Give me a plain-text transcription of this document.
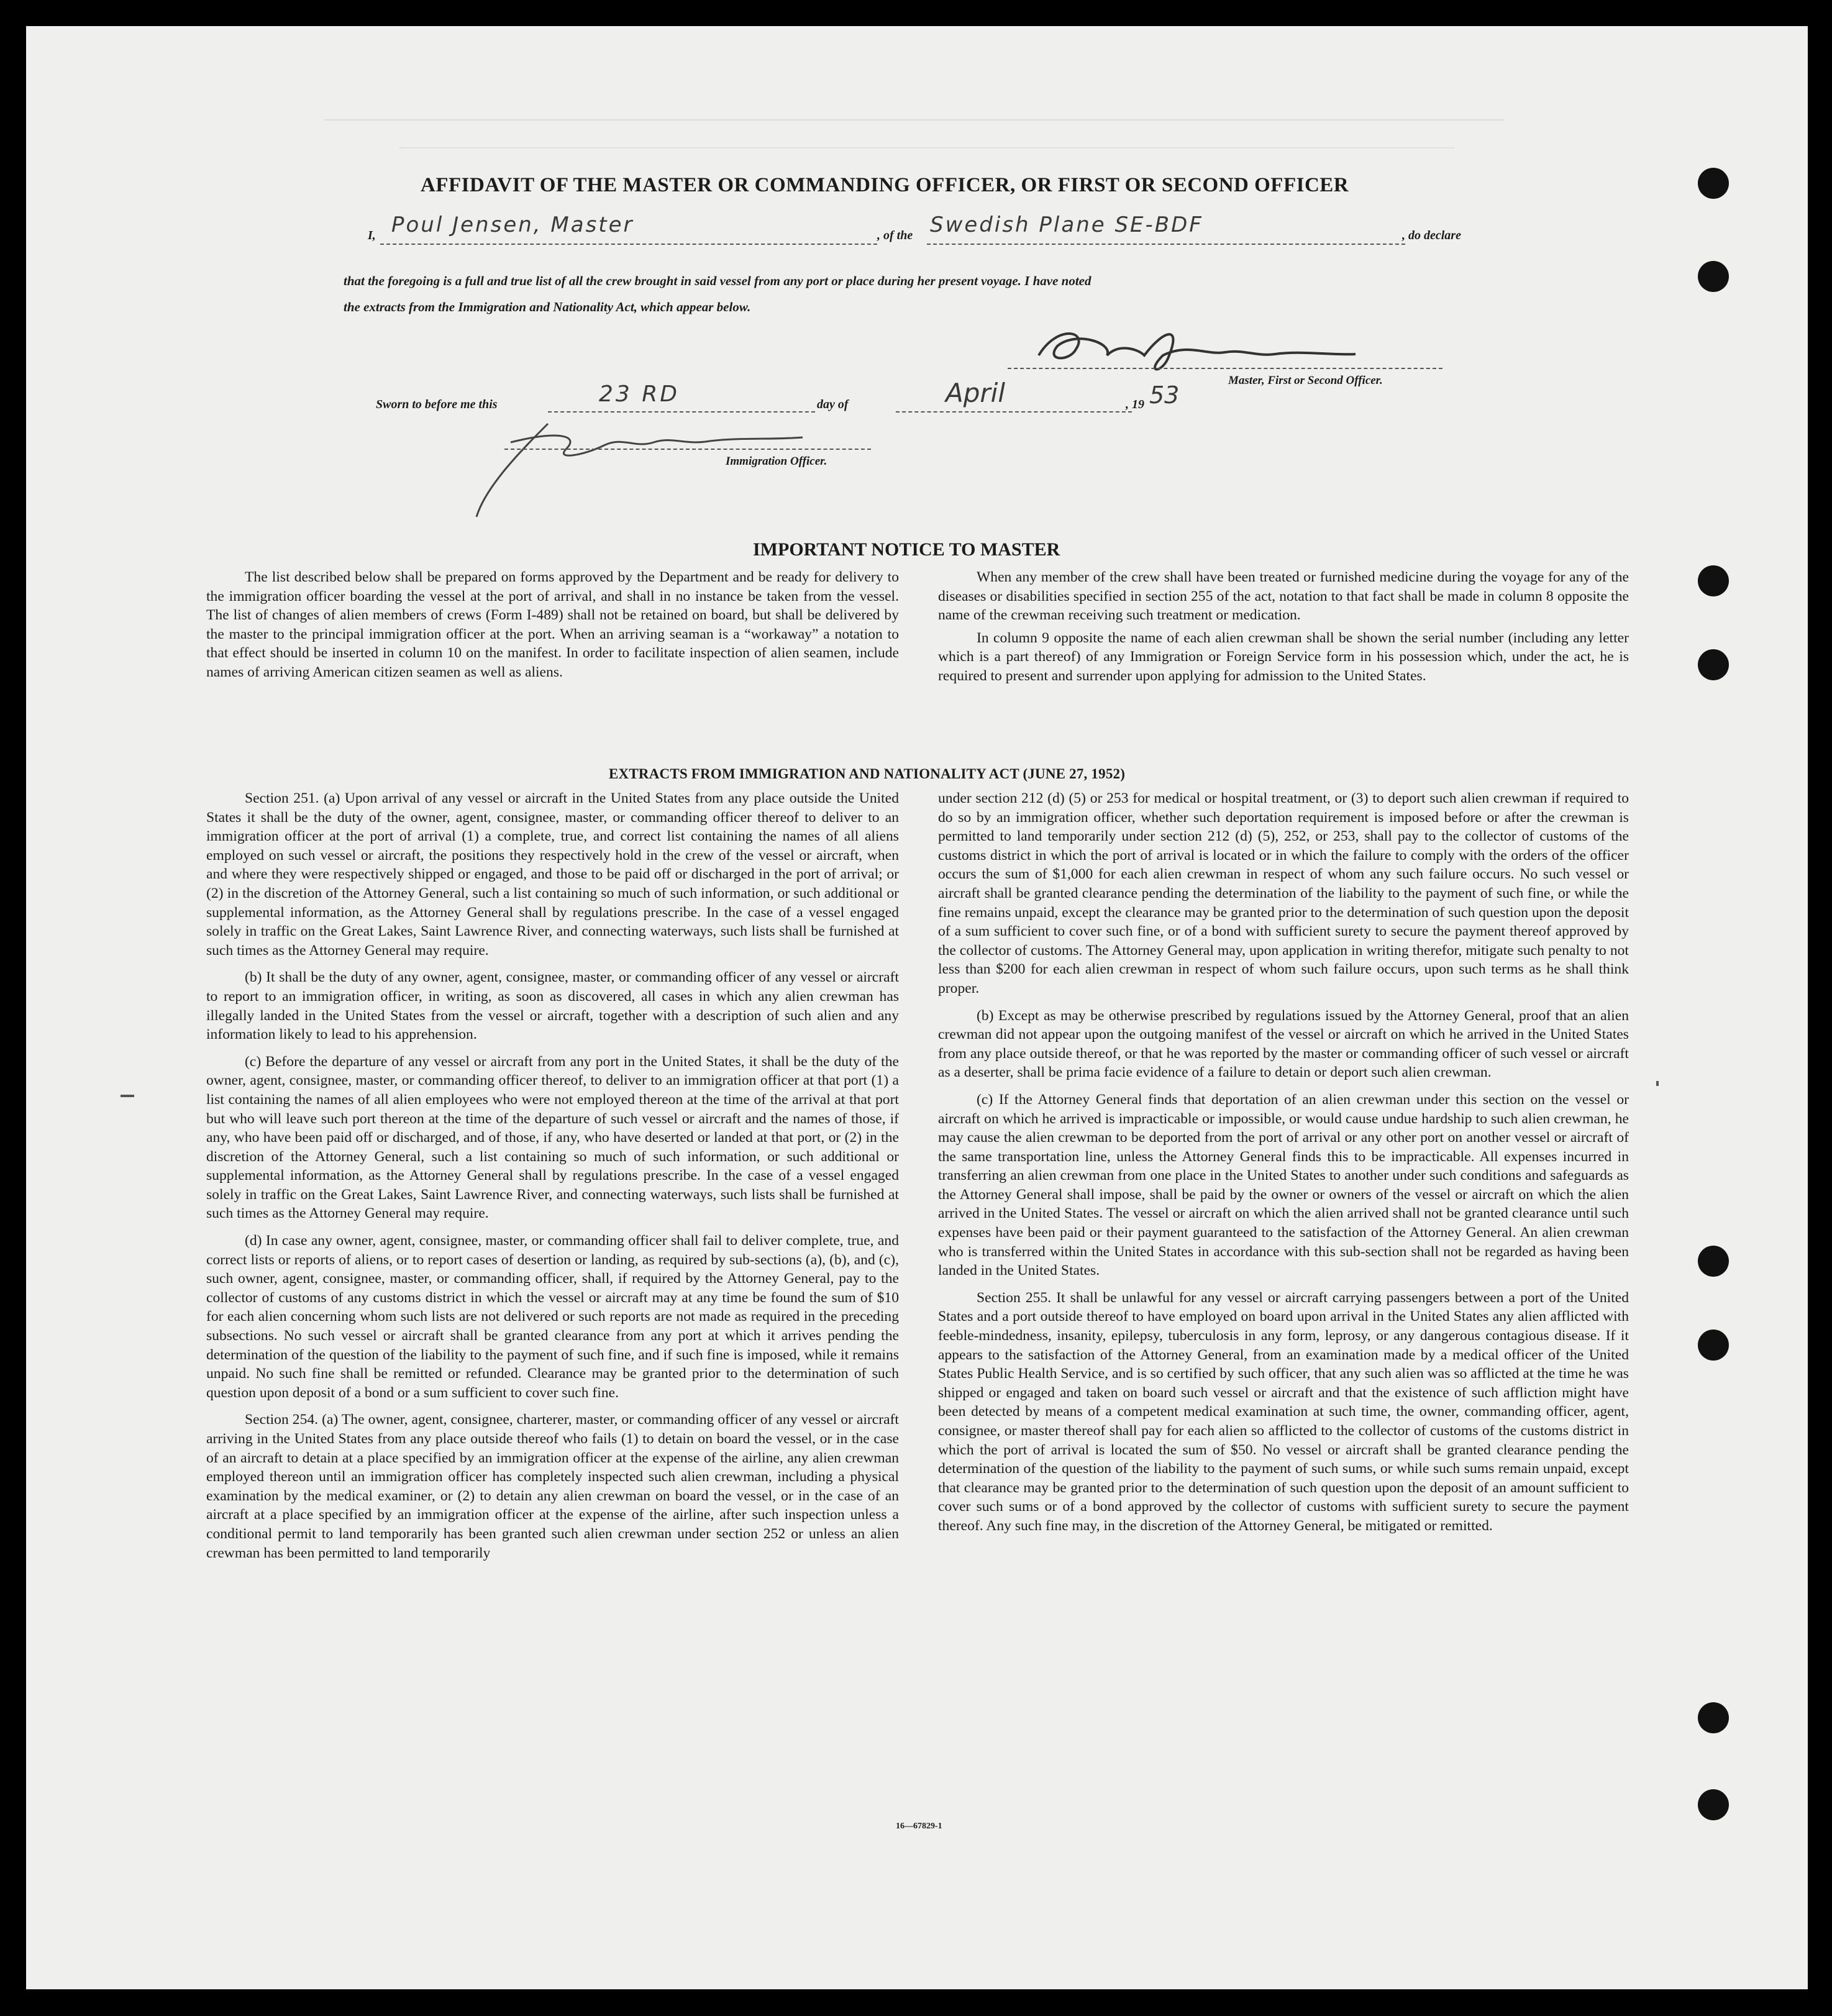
AFFIDAVIT OF THE MASTER OR COMMANDING OFFICER, OR FIRST OR SECOND OFFICER
I, Poul Jensen, Master	, of the Swedish Plane SE-BDF	, do declare
that the foregoing is a full and true list of all the crew brought in said vessel from any port or place during her present voyage. I have noted
the extracts from the Immigration and Nationality Act, which appear below.
Master, First or Second Officer.
Sworn to before me this	23 RD	day of	April	, 19 53
Immigration Officer.
IMPORTANT NOTICE TO MASTER

The list described below shall be prepared on forms approved by the Department and be ready for delivery to the immigration officer boarding the vessel at the port of arrival, and shall in no instance be taken from the vessel. The list of changes of alien members of crews (Form I-489) shall not be retained on board, but shall be delivered by the master to the principal immigration officer at the port. When an arriving seaman is a “workaway” a notation to that effect should be inserted in column 10 on the manifest. In order to facilitate inspection of alien seamen, include names of arriving American citizen seamen as well as aliens.

When any member of the crew shall have been treated or furnished medicine during the voyage for any of the diseases or disabilities specified in section 255 of the act, notation to that fact shall be made in column 8 opposite the name of the crewman receiving such treatment or medication.

In column 9 opposite the name of each alien crewman shall be shown the serial number (including any letter which is a part thereof) of any Immigration or Foreign Service form in his possession which, under the act, he is required to present and surrender upon applying for admission to the United States.

EXTRACTS FROM IMMIGRATION AND NATIONALITY ACT (JUNE 27, 1952)

Section 251. (a) Upon arrival of any vessel or aircraft in the United States from any place outside the United States it shall be the duty of the owner, agent, consignee, master, or commanding officer thereof to deliver to an immigration officer at the port of arrival (1) a complete, true, and correct list containing the names of all aliens employed on such vessel or aircraft, the positions they respectively hold in the crew of the vessel or aircraft, when and where they were respectively shipped or engaged, and those to be paid off or discharged in the port of arrival; or (2) in the discretion of the Attorney General, such a list containing so much of such information, or such additional or supplemental information, as the Attorney General shall by regulations prescribe. In the case of a vessel engaged solely in traffic on the Great Lakes, Saint Lawrence River, and connecting waterways, such lists shall be furnished at such times as the Attorney General may require.

(b) It shall be the duty of any owner, agent, consignee, master, or commanding officer of any vessel or aircraft to report to an immigration officer, in writing, as soon as discovered, all cases in which any alien crewman has illegally landed in the United States from the vessel or aircraft, together with a description of such alien and any information likely to lead to his apprehension.

(c) Before the departure of any vessel or aircraft from any port in the United States, it shall be the duty of the owner, agent, consignee, master, or commanding officer thereof, to deliver to an immigration officer at that port (1) a list containing the names of all alien employees who were not employed thereon at the time of the arrival at that port but who will leave such port thereon at the time of the departure of such vessel or aircraft and the names of those, if any, who have been paid off or discharged, and of those, if any, who have deserted or landed at that port, or (2) in the discretion of the Attorney General, such a list containing so much of such information, or such additional or supplemental information, as the Attorney General shall by regulations prescribe. In the case of a vessel engaged solely in traffic on the Great Lakes, Saint Lawrence River, and connecting waterways, such lists shall be furnished at such times as the Attorney General may require.

(d) In case any owner, agent, consignee, master, or commanding officer shall fail to deliver complete, true, and correct lists or reports of aliens, or to report cases of desertion or landing, as required by sub-sections (a), (b), and (c), such owner, agent, consignee, master, or commanding officer, shall, if required by the Attorney General, pay to the collector of customs of any customs district in which the vessel or aircraft may at any time be found the sum of $10 for each alien concerning whom such lists are not delivered or such reports are not made as required in the preceding subsections. No such vessel or aircraft shall be granted clearance from any port at which it arrives pending the determination of the question of the liability to the payment of such fine, and if such fine is imposed, while it remains unpaid. No such fine shall be remitted or refunded. Clearance may be granted prior to the determination of such question upon deposit of a bond or a sum sufficient to cover such fine.

Section 254. (a) The owner, agent, consignee, charterer, master, or commanding officer of any vessel or aircraft arriving in the United States from any place outside thereof who fails (1) to detain on board the vessel, or in the case of an aircraft to detain at a place specified by an immigration officer at the expense of the airline, any alien crewman employed thereon until an immigration officer has completely inspected such alien crewman, including a physical examination by the medical examiner, or (2) to detain any alien crewman on board the vessel, or in the case of an aircraft at a place specified by an immigration officer at the expense of the airline, after such inspection unless a conditional permit to land temporarily has been granted such alien crewman under section 252 or unless an alien crewman has been permitted to land temporarily

under section 212 (d) (5) or 253 for medical or hospital treatment, or (3) to deport such alien crewman if required to do so by an immigration officer, whether such deportation requirement is imposed before or after the crewman is permitted to land temporarily under section 212 (d) (5), 252, or 253, shall pay to the collector of customs of the customs district in which the port of arrival is located or in which the failure to comply with the orders of the officer occurs the sum of $1,000 for each alien crewman in respect of whom any such failure occurs. No such vessel or aircraft shall be granted clearance pending the determination of the liability to the payment of such fine, or while the fine remains unpaid, except the clearance may be granted prior to the determination of such question upon the deposit of a sum sufficient to cover such fine, or of a bond with sufficient surety to secure the payment thereof approved by the collector of customs. The Attorney General may, upon application in writing therefor, mitigate such penalty to not less than $200 for each alien crewman in respect of whom such failure occurs, upon such terms as he shall think proper.

(b) Except as may be otherwise prescribed by regulations issued by the Attorney General, proof that an alien crewman did not appear upon the outgoing manifest of the vessel or aircraft on which he arrived in the United States from any place outside thereof, or that he was reported by the master or commanding officer of such vessel or aircraft as a deserter, shall be prima facie evidence of a failure to detain or deport such alien crewman.

(c) If the Attorney General finds that deportation of an alien crewman under this section on the vessel or aircraft on which he arrived is impracticable or impossible, or would cause undue hardship to such alien crewman, he may cause the alien crewman to be deported from the port of arrival or any other port on another vessel or aircraft of the same transportation line, unless the Attorney General finds this to be impracticable. All expenses incurred in transferring an alien crewman from one place in the United States to another under such conditions and safeguards as the Attorney General shall impose, shall be paid by the owner or owners of the vessel or aircraft on which the alien arrived in the United States. The vessel or aircraft on which the alien arrived shall not be granted clearance until such expenses have been paid or their payment guaranteed to the satisfaction of the Attorney General. An alien crewman who is transferred within the United States in accordance with this sub-section shall not be regarded as having been landed in the United States.

Section 255. It shall be unlawful for any vessel or aircraft carrying passengers between a port of the United States and a port outside thereof to have employed on board upon arrival in the United States any alien afflicted with feeble-mindedness, insanity, epilepsy, tuberculosis in any form, leprosy, or any dangerous contagious disease. If it appears to the satisfaction of the Attorney General, from an examination made by a medical officer of the United States Public Health Service, and is so certified by such officer, that any such alien was so afflicted at the time he was shipped or engaged and taken on board such vessel or aircraft and that the existence of such affliction might have been detected by means of a competent medical examination at such time, the owner, commanding officer, agent, consignee, or master thereof shall pay for each alien so afflicted to the collector of customs of the customs district in which the port of arrival is located the sum of $50. No vessel or aircraft shall be granted clearance pending the determination of the question of the liability to the payment of such sums, or while such sums remain unpaid, except that clearance may be granted prior to the determination of such question upon the deposit of an amount sufficient to cover such sums or of a bond approved by the collector of customs with sufficient surety to secure the payment thereof. Any such fine may, in the discretion of the Attorney General, be mitigated or remitted.

16—67829-1
